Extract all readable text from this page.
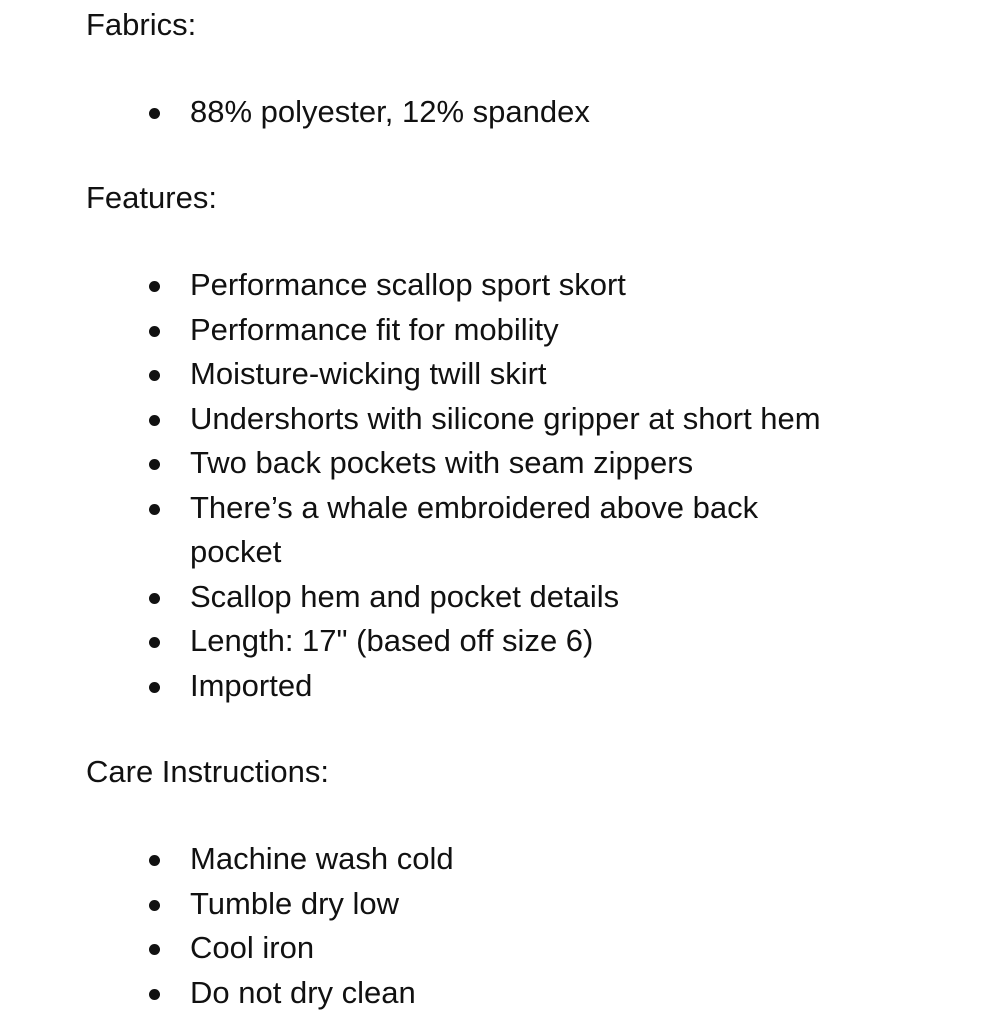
Fabrics:
88% polyester, 12% spandex
Features:
Performance scallop sport skort
Performance fit for mobility
Moisture-wicking twill skirt
Undershorts with silicone gripper at short hem
Two back pockets with seam zippers
There’s a whale embroidered above back pocket
Scallop hem and pocket details
Length: 17" (based off size 6)
Imported
Care Instructions:
Machine wash cold
Tumble dry low
Cool iron
Do not dry clean
